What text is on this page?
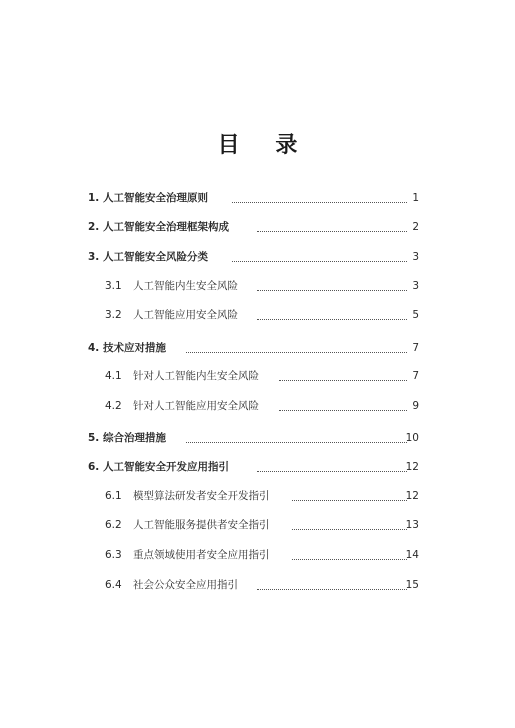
目 录
1. 人工智能安全治理原则	1
2. 人工智能安全治理框架构成	2
3. 人工智能安全风险分类	3
3.1 人工智能内生安全风险	3
3.2 人工智能应用安全风险	5
4. 技术应对措施	7
4.1 针对人工智能内生安全风险	7
4.2 针对人工智能应用安全风险	9
5. 综合治理措施	10
6. 人工智能安全开发应用指引	12
6.1 模型算法研发者安全开发指引	12
6.2 人工智能服务提供者安全指引	13
6.3 重点领域使用者安全应用指引	14
6.4 社会公众安全应用指引	15
